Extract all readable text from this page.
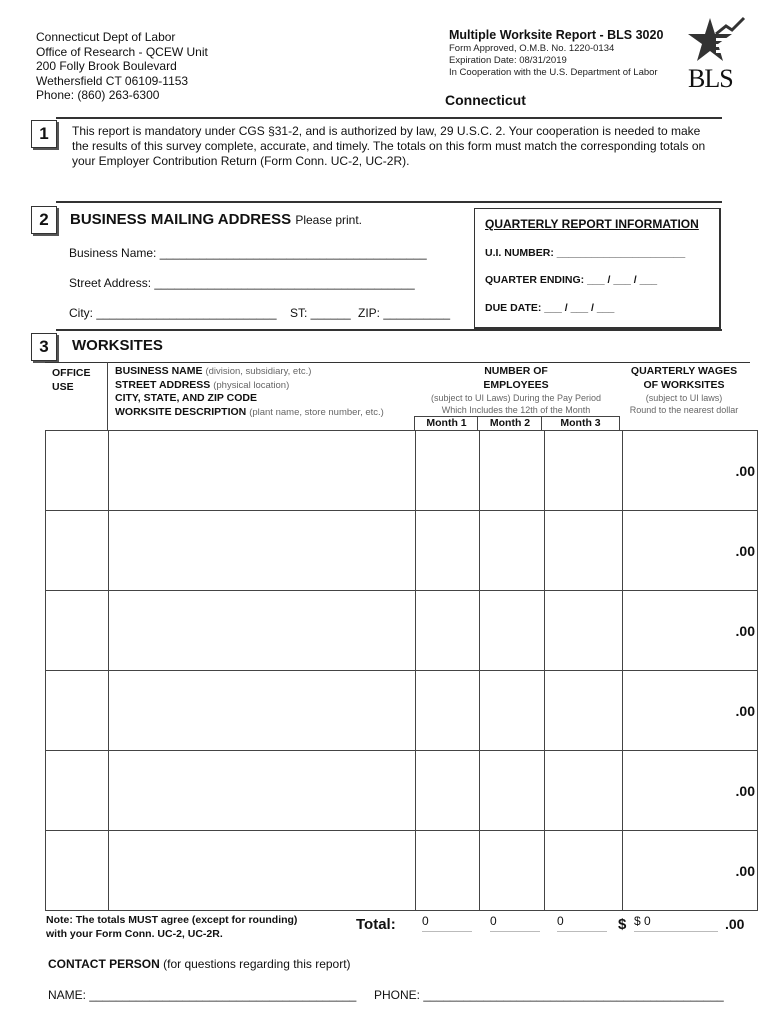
Connecticut Dept of Labor
Office of Research - QCEW Unit
200 Folly Brook Boulevard
Wethersfield CT 06109-1153
Phone: (860) 263-6300
Multiple Worksite Report - BLS 3020
Form Approved, O.M.B. No. 1220-0134
Expiration Date: 08/31/2019
In Cooperation with the U.S. Department of Labor
Connecticut
BLS
1	This report is mandatory under CGS §31-2, and is authorized by law, 29 U.S.C. 2. Your cooperation is needed to make the results of this survey complete, accurate, and timely. The totals on this form must match the corresponding totals on your Employer Contribution Return (Form Conn. UC-2, UC-2R).
2	BUSINESS MAILING ADDRESS Please print.
Business Name: ________________________________________
Street Address: _______________________________________
City: ___________________________ ST: ______ ZIP: __________
QUARTERLY REPORT INFORMATION
U.I. NUMBER: ______________________
QUARTER ENDING: ___ / ___ / ___
DUE DATE: ___ / ___ / ___
3	WORKSITES
OFFICE USE
BUSINESS NAME (division, subsidiary, etc.)
STREET ADDRESS (physical location)
CITY, STATE, AND ZIP CODE
WORKSITE DESCRIPTION (plant name, store number, etc.)
NUMBER OF
EMPLOYEES
(subject to UI Laws) During the Pay Period
Which Includes the 12th of the Month
QUARTERLY WAGES
OF WORKSITES
(subject to UI laws)
Round to the nearest dollar
Month 1	Month 2	Month 3
					.00
					.00
					.00
					.00
					.00
					.00
Note: The totals MUST agree (except for rounding)
with your Form Conn. UC-2, UC-2R.
Total: 0	0	0	$ $ 0	.00
CONTACT PERSON (for questions regarding this report)
NAME: ________________________________________ PHONE: _____________________________________________
